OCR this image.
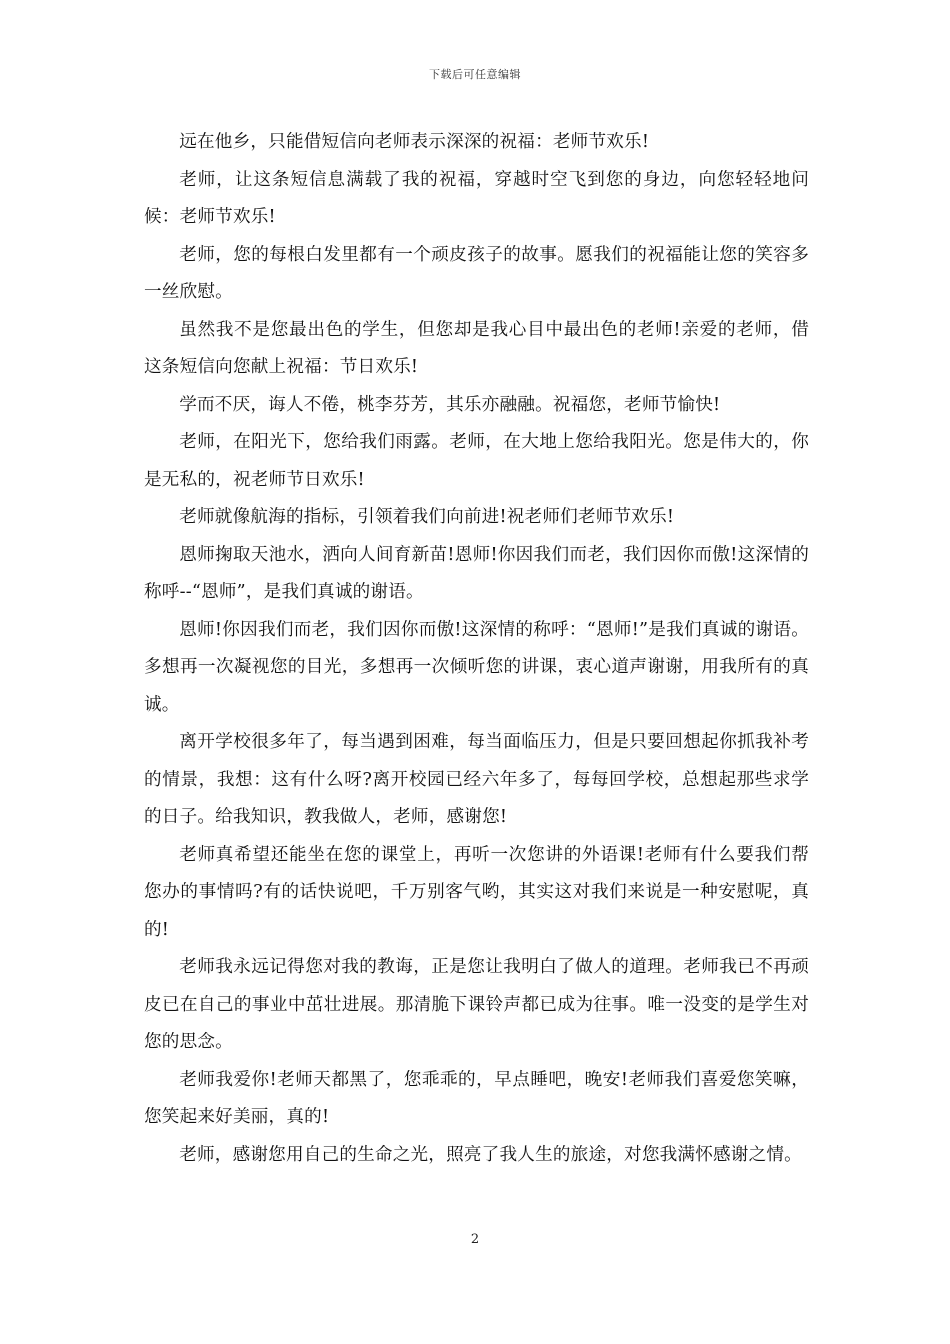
下载后可任意编辑

远在他乡，只能借短信向老师表示深深的祝福：老师节欢乐!

老师，让这条短信息满载了我的祝福，穿越时空飞到您的身边，向您轻轻地问候：老师节欢乐!

老师，您的每根白发里都有一个顽皮孩子的故事。愿我们的祝福能让您的笑容多一丝欣慰。

虽然我不是您最出色的学生，但您却是我心目中最出色的老师!亲爱的老师，借这条短信向您献上祝福：节日欢乐!

学而不厌，诲人不倦，桃李芬芳，其乐亦融融。祝福您，老师节愉快!

老师，在阳光下，您给我们雨露。老师，在大地上您给我阳光。您是伟大的，你是无私的，祝老师节日欢乐!

老师就像航海的指标，引领着我们向前进!祝老师们老师节欢乐!

恩师掬取天池水，洒向人间育新苗!恩师!你因我们而老，我们因你而傲!这深情的称呼--“恩师”，是我们真诚的谢语。

恩师!你因我们而老，我们因你而傲!这深情的称呼：“恩师!”是我们真诚的谢语。多想再一次凝视您的目光，多想再一次倾听您的讲课，衷心道声谢谢，用我所有的真诚。

离开学校很多年了，每当遇到困难，每当面临压力，但是只要回想起你抓我补考的情景，我想：这有什么呀?离开校园已经六年多了，每每回学校，总想起那些求学的日子。给我知识，教我做人，老师，感谢您!

老师真希望还能坐在您的课堂上，再听一次您讲的外语课!老师有什么要我们帮您办的事情吗?有的话快说吧，千万别客气哟，其实这对我们来说是一种安慰呢，真的!

老师我永远记得您对我的教诲，正是您让我明白了做人的道理。老师我已不再顽皮已在自己的事业中茁壮进展。那清脆下课铃声都已成为往事。唯一没变的是学生对您的思念。

老师我爱你!老师天都黑了，您乖乖的，早点睡吧，晚安!老师我们喜爱您笑嘛，您笑起来好美丽，真的!

老师，感谢您用自己的生命之光，照亮了我人生的旅途，对您我满怀感谢之情。

2
